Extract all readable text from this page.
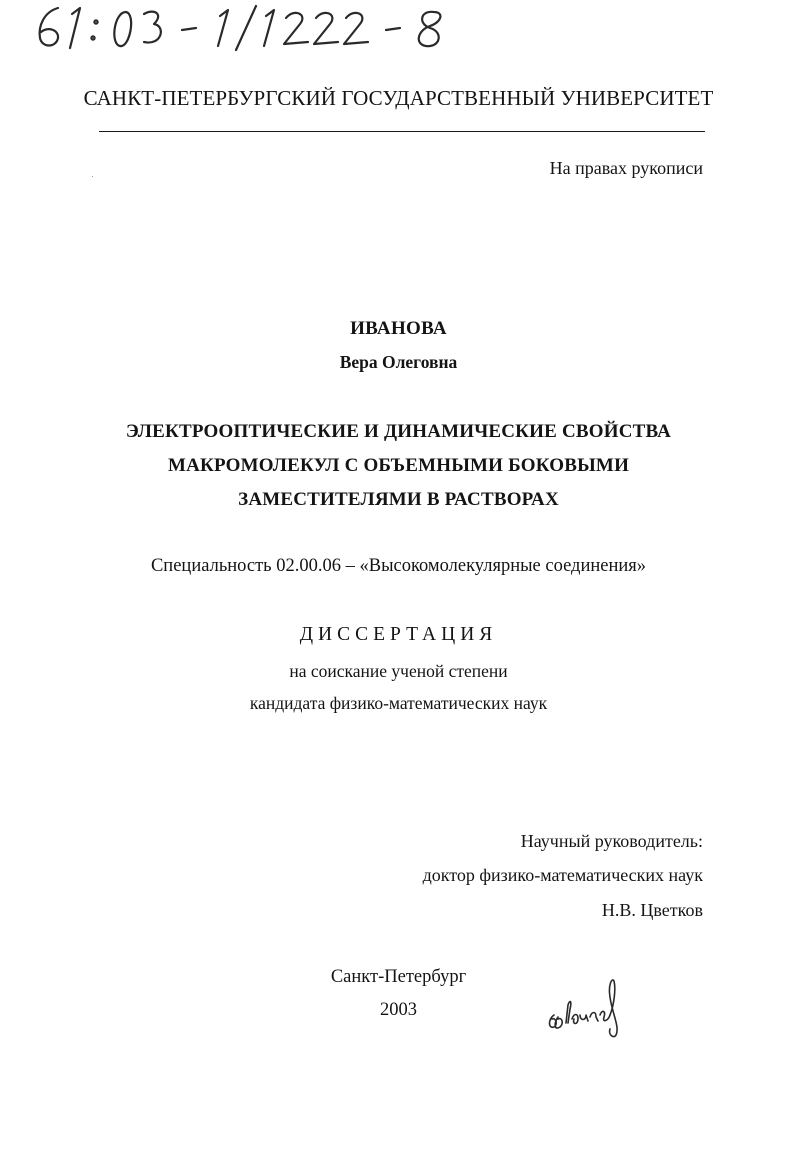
САНКТ-ПЕТЕРБУРГСКИЙ ГОСУДАРСТВЕННЫЙ УНИВЕРСИТЕТ
На правах рукописи
ИВАНОВА
Вера Олеговна
ЭЛЕКТРООПТИЧЕСКИЕ И ДИНАМИЧЕСКИЕ СВОЙСТВА
МАКРОМОЛЕКУЛ С ОБЪЕМНЫМИ БОКОВЫМИ
ЗАМЕСТИТЕЛЯМИ В РАСТВОРАХ
Специальность 02.00.06 – «Высокомолекулярные соединения»
ДИССЕРТАЦИЯ
на соискание ученой степени
кандидата физико-математических наук
Научный руководитель:
доктор физико-математических наук
Н.В. Цветков
Санкт-Петербург
2003
